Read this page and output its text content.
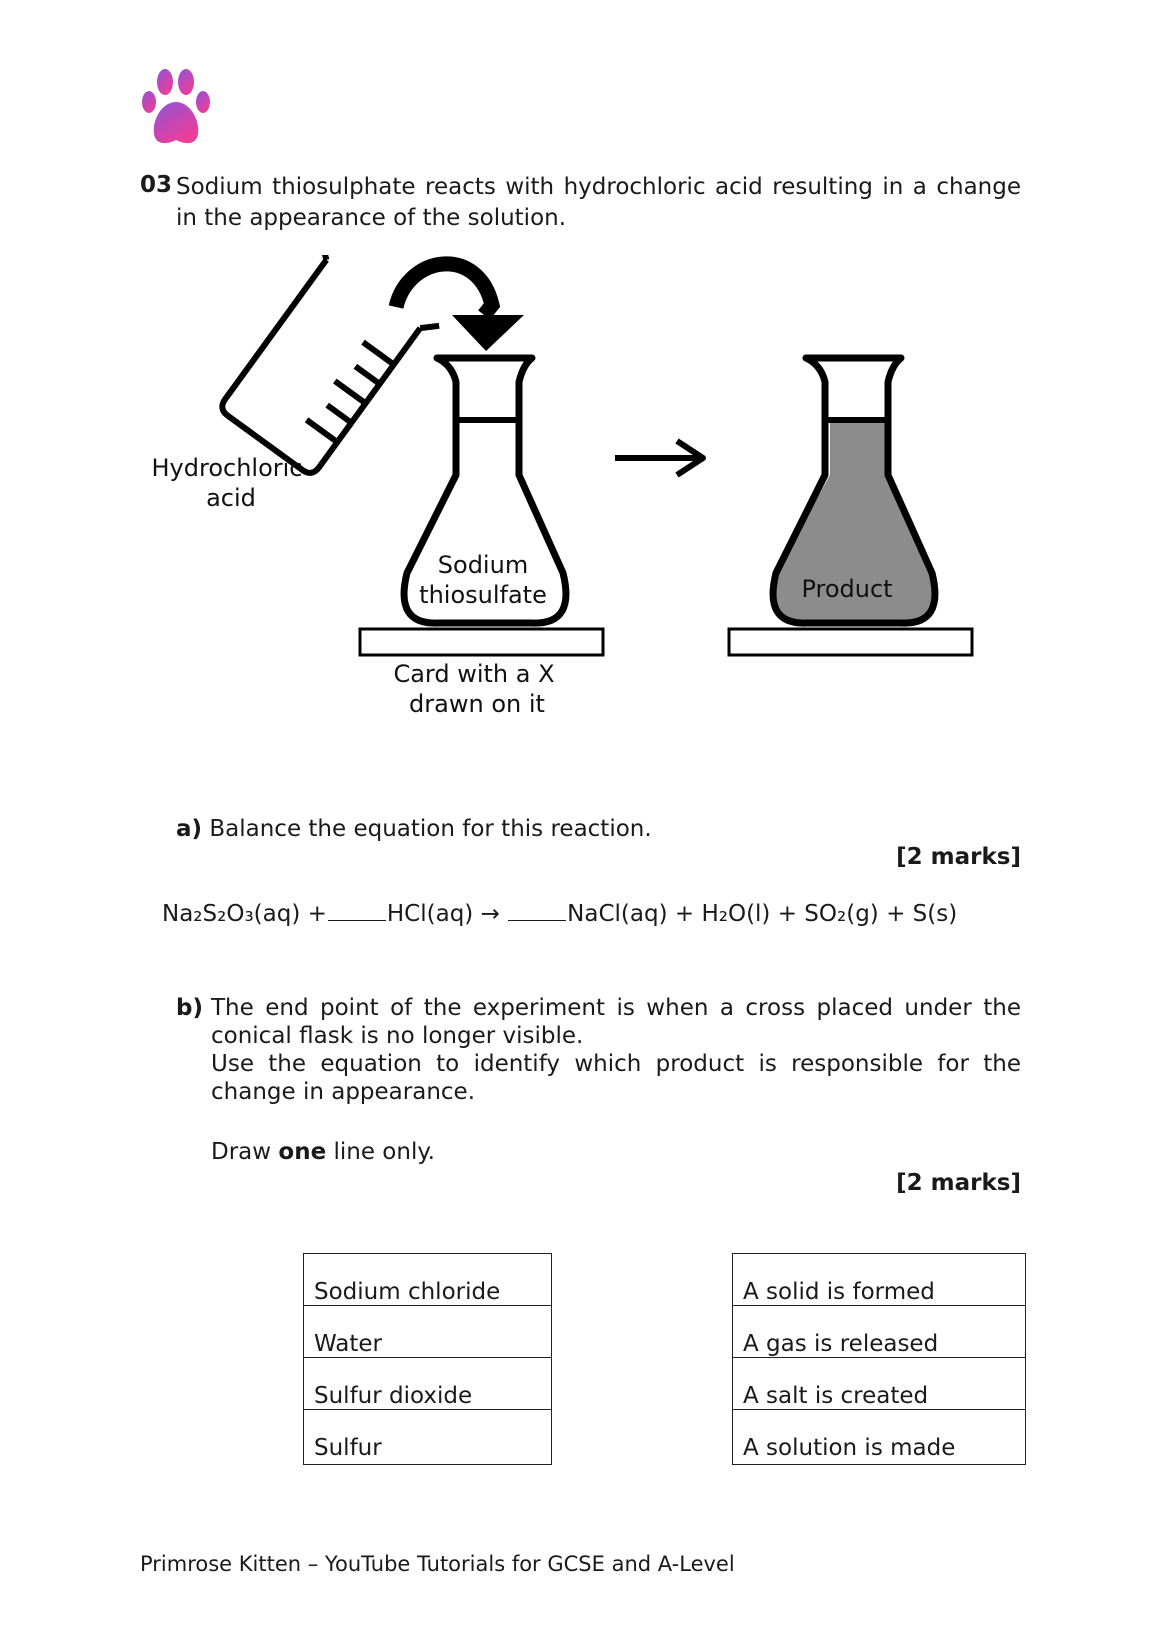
03 Sodium thiosulphate reacts with hydrochloric acid resulting in a change in the appearance of the solution.
Sodium
thiosulfate
Card with a X
drawn on it
Hydrochloric
acid
Product
a) Balance the equation for this reaction.
[2 marks]
Na₂S₂O₃(aq) +	HCl(aq) →	NaCl(aq) + H₂O(l) + SO₂(g) + S(s)
b) The end point of the experiment is when a cross placed under the conical flask is no longer visible.
Use the equation to identify which product is responsible for the change in appearance.
Draw one line only.
[2 marks]
Sodium chloride
Water
Sulfur dioxide
Sulfur
A solid is formed
A gas is released
A salt is created
A solution is made
Primrose Kitten – YouTube Tutorials for GCSE and A-Level
